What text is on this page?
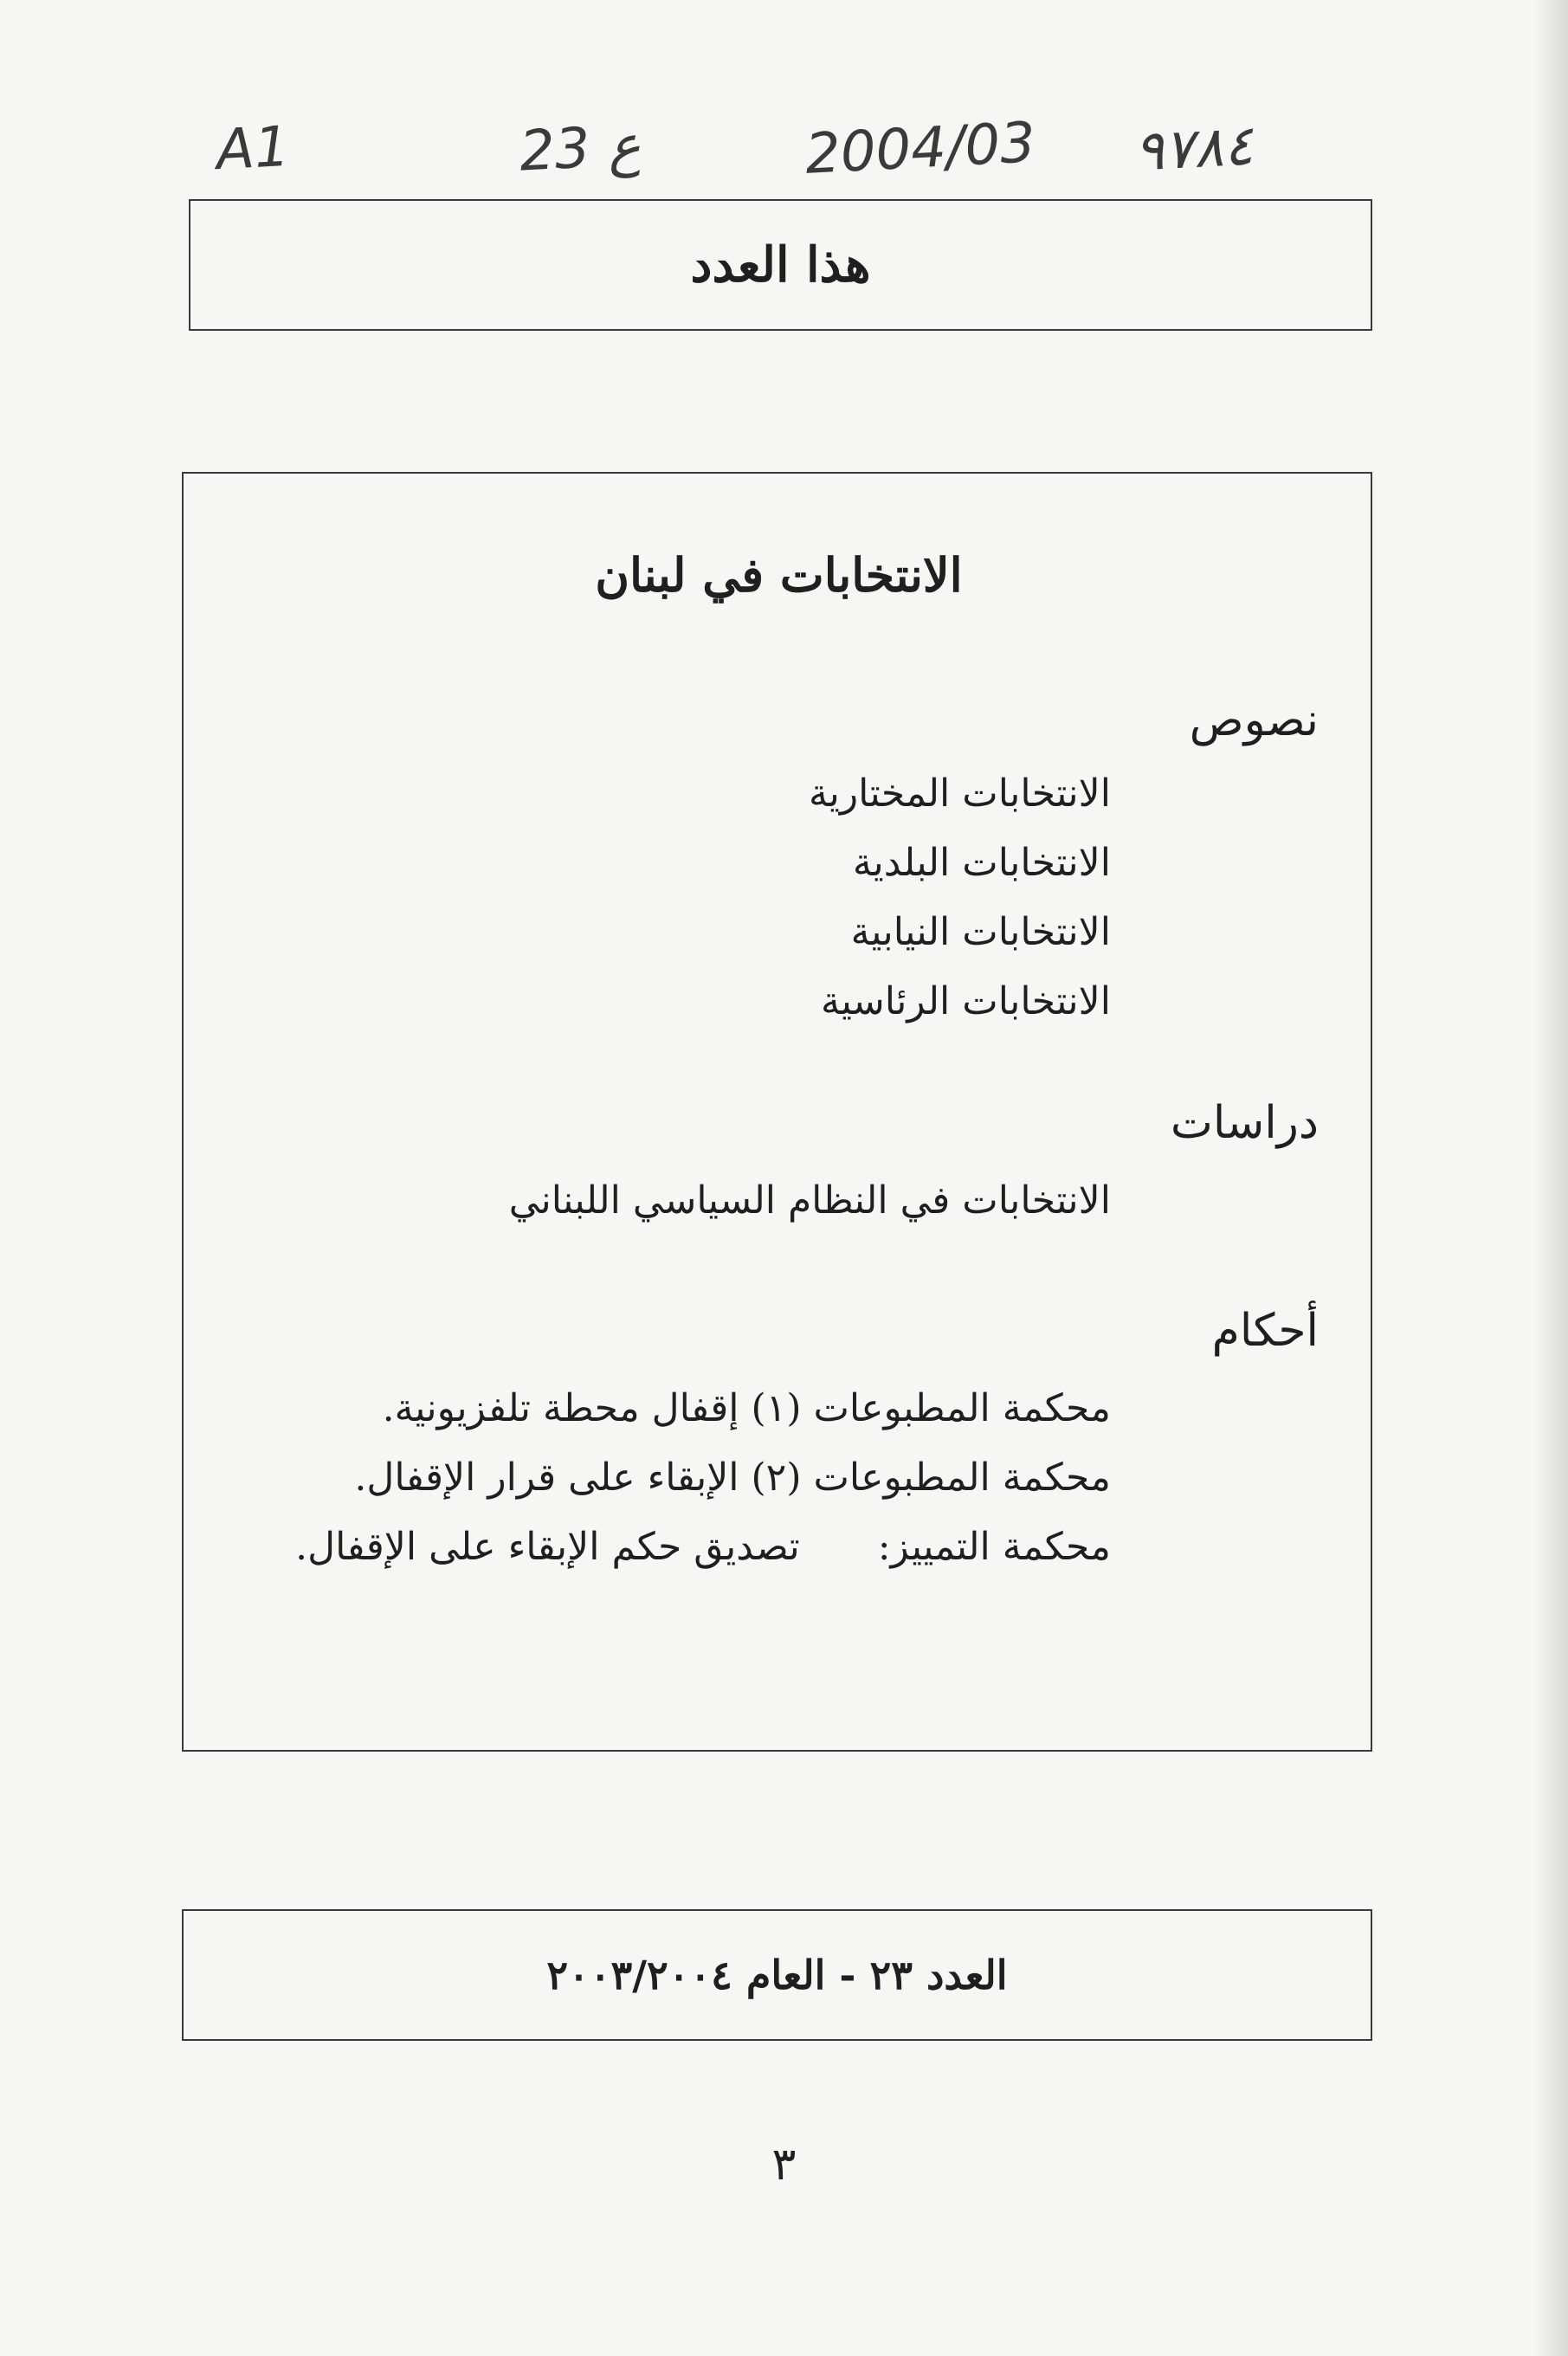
A1	23 ع	2004/03 ٩٧٨٤
هذا العدد
الانتخابات في لبنان
نصوص
الانتخابات المختارية
الانتخابات البلدية
الانتخابات النيابية
الانتخابات الرئاسية
دراسات
الانتخابات في النظام السياسي اللبناني
أحكام
محكمة المطبوعات (١) إقفال محطة تلفزيونية.
محكمة المطبوعات (٢) الإبقاء على قرار الإقفال.
محكمة التمييز:تصديق حكم الإبقاء على الإقفال.

العدد ٢٣ - العام ٢٠٠٣/٢٠٠٤

٣
